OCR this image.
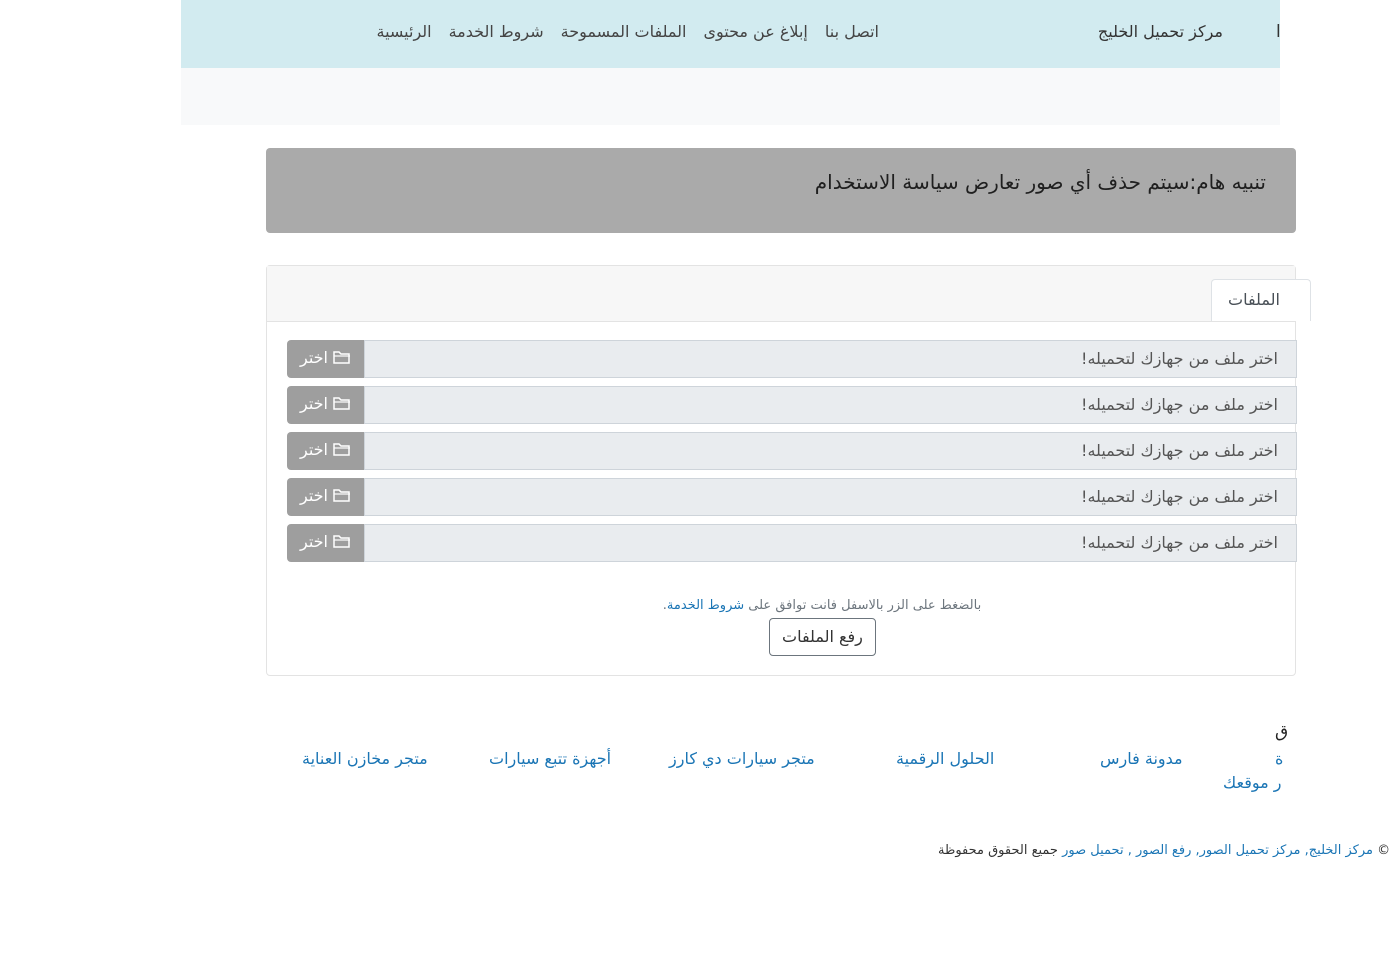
ا
مركز تحميل الخليج
الرئيسية شروط الخدمة الملفات المسموحة إبلاغ عن محتوى اتصل بنا
تنبيه هام:سيتم حذف أي صور تعارض سياسة الاستخدام
الملفات
اختر	اختر ملف من جهازك لتحميله!
اختر	اختر ملف من جهازك لتحميله!
اختر	اختر ملف من جهازك لتحميله!
اختر	اختر ملف من جهازك لتحميله!
اختر	اختر ملف من جهازك لتحميله!
بالضغط على الزر بالاسفل فانت توافق على شروط الخدمة.
رفع الملفات
ق
متجر مخازن العناية	أجهزة تتبع سيارات	متجر سيارات دي كارز	الحلول الرقمية	مدونة فارس	ة
ر موقعك
مركز الخليج, مركز تحميل الصور, رفع الصور , تحميل صور جميع الحقوق محفوظة ©
